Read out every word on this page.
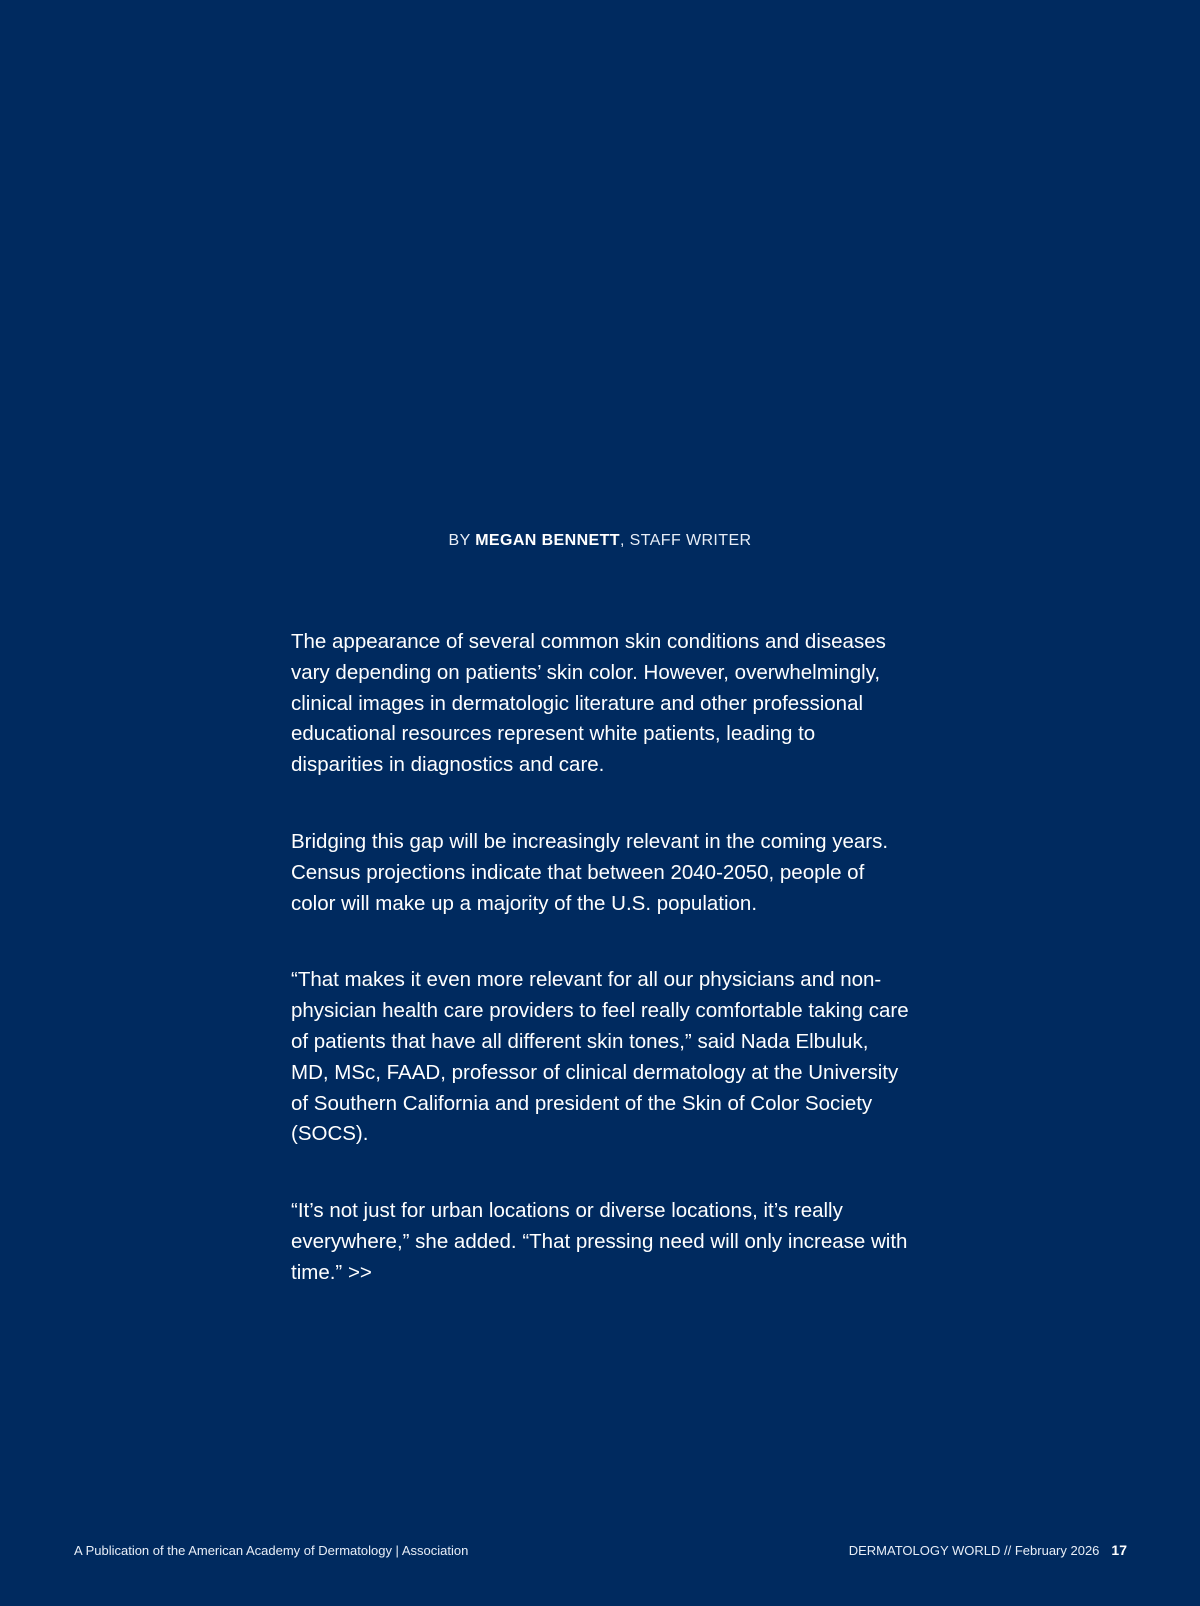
BY MEGAN BENNETT, STAFF WRITER

The appearance of several common skin conditions and diseases vary depending on patients’ skin color. However, overwhelmingly, clinical images in dermatologic literature and other professional educational resources represent white patients, leading to disparities in diagnostics and care.

Bridging this gap will be increasingly relevant in the coming years. Census projections indicate that between 2040-2050, people of color will make up a majority of the U.S. population.

“That makes it even more relevant for all our physicians and non-physician health care providers to feel really comfortable taking care of patients that have all different skin tones,” said Nada Elbuluk, MD, MSc, FAAD, professor of clinical dermatology at the University of Southern California and president of the Skin of Color Society (SOCS).

“It’s not just for urban locations or diverse locations, it’s really everywhere,” she added. “That pressing need will only increase with time.” >>

A Publication of the American Academy of Dermatology | Association	DERMATOLOGY WORLD // February 2026 17
